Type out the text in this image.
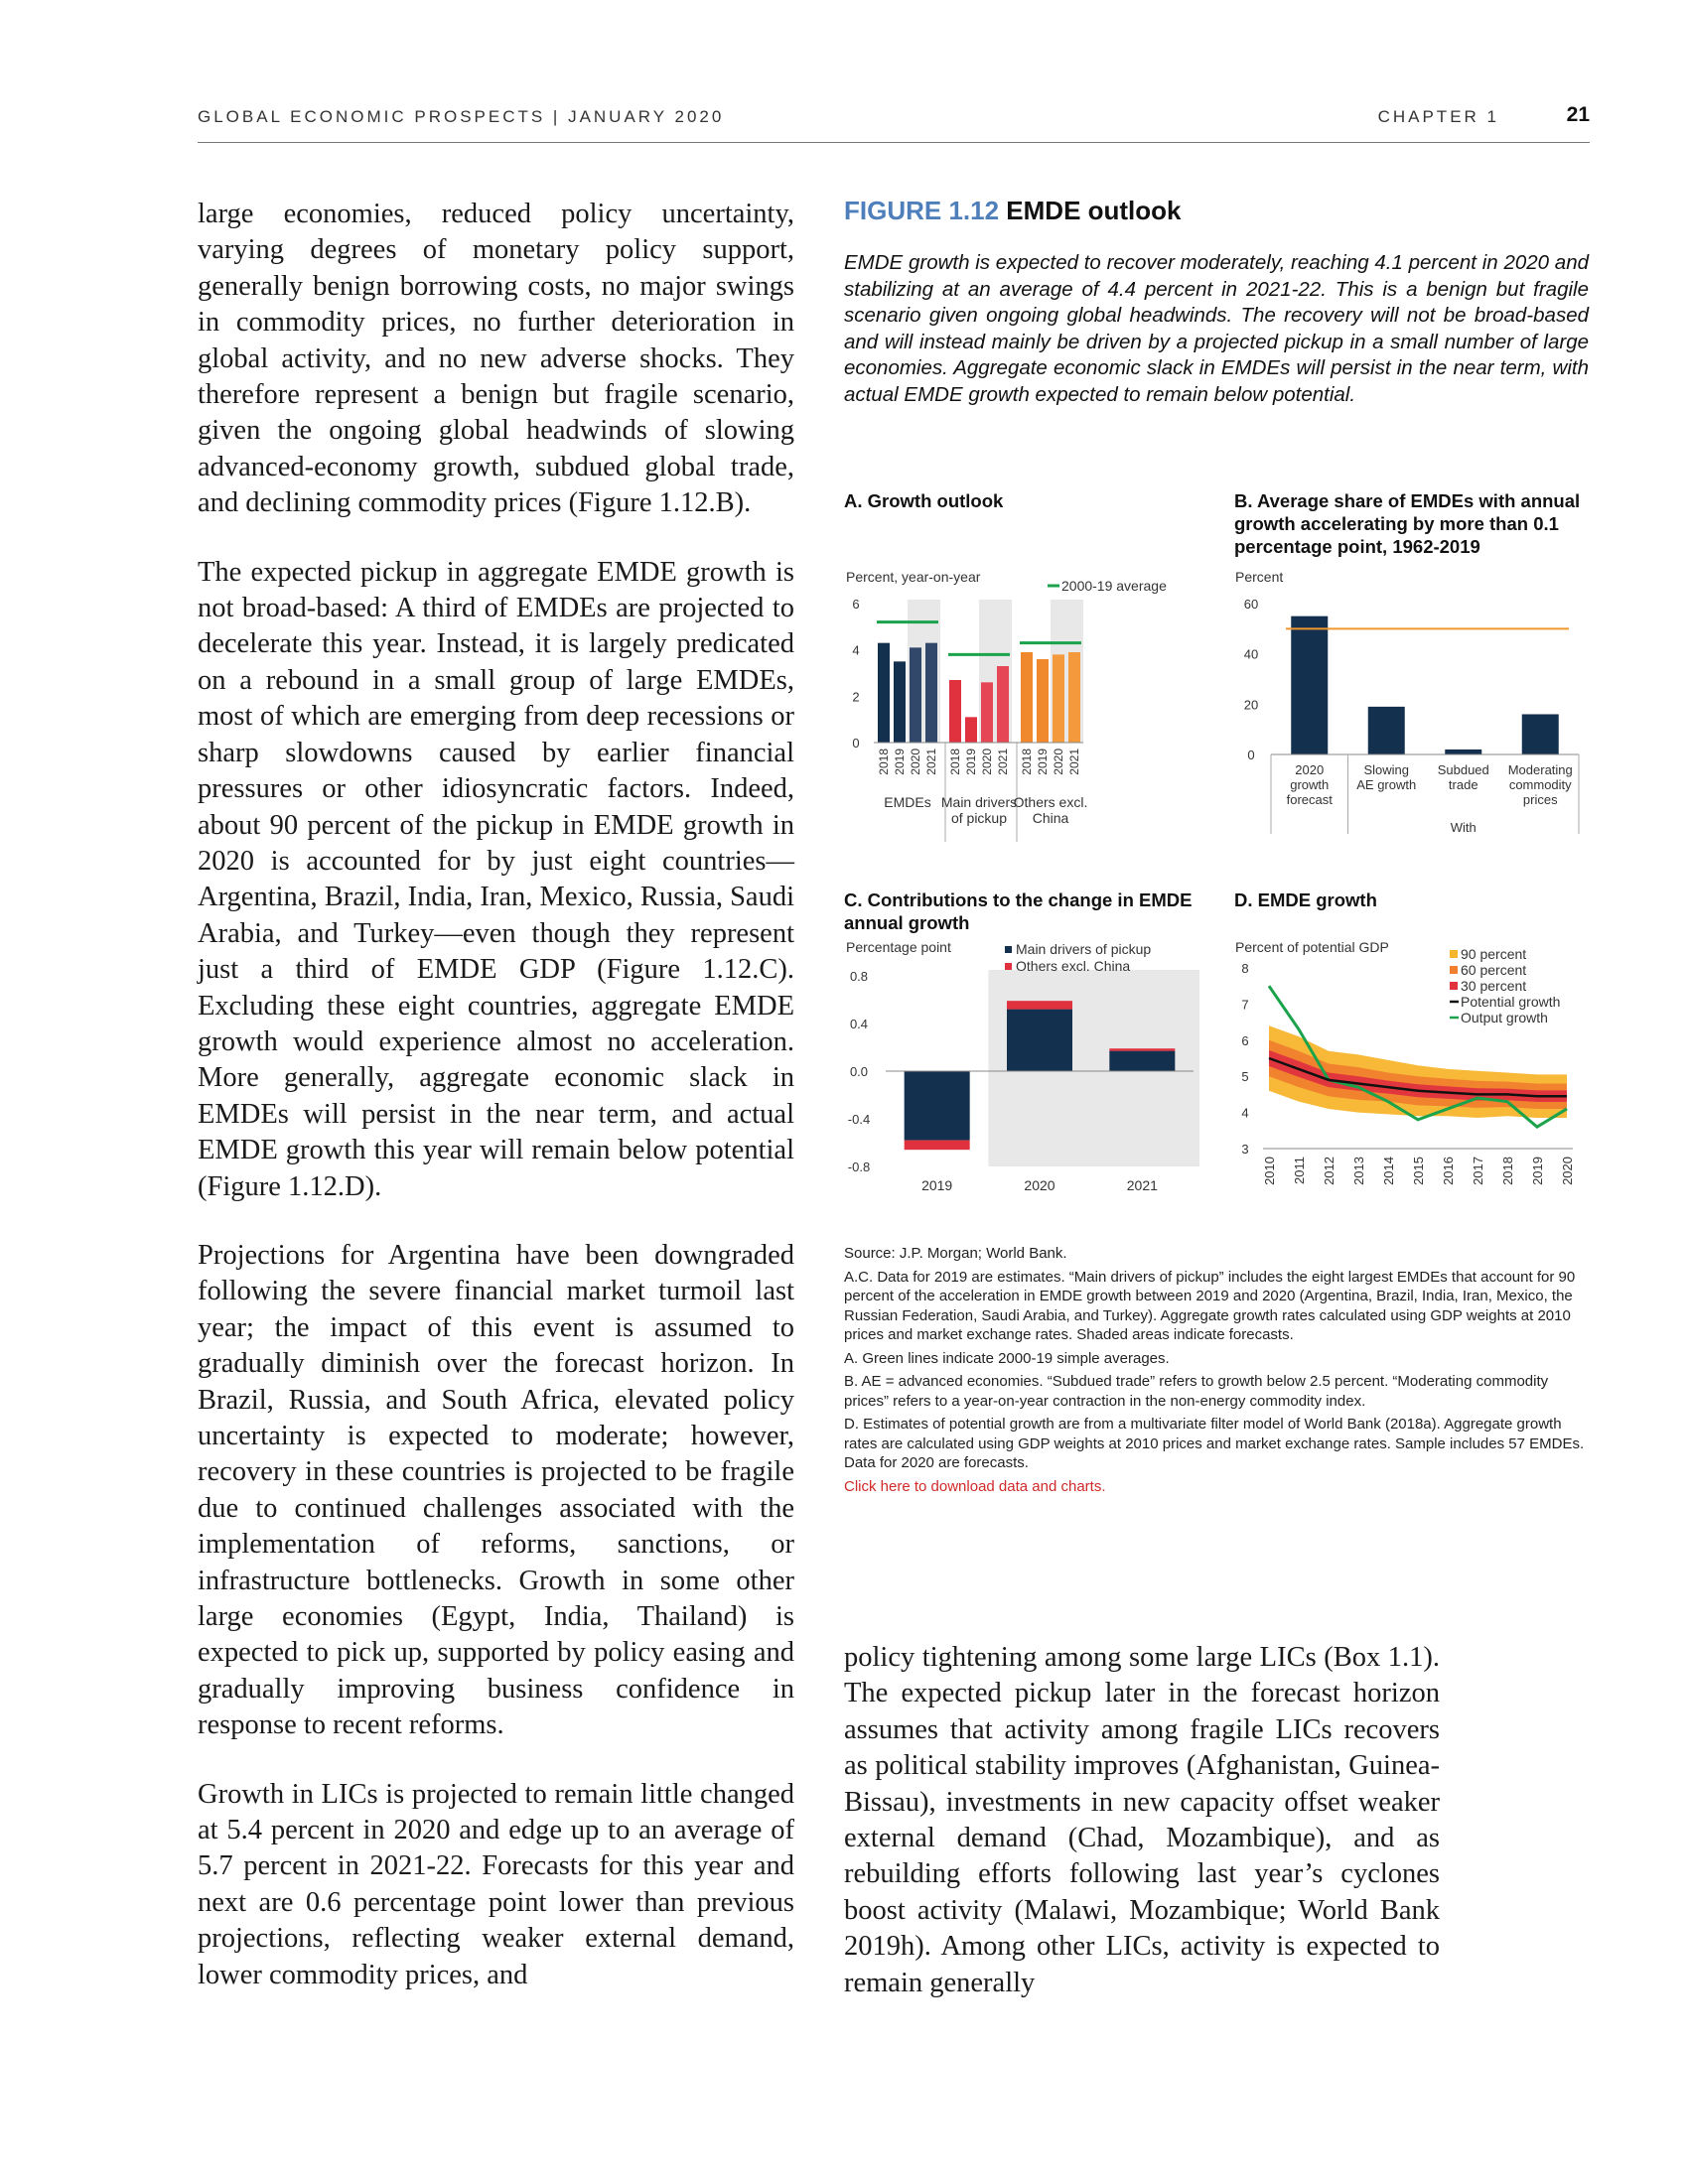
GLOBAL ECONOMIC PROSPECTS | JANUARY 2020	CHAPTER 1	21

large economies, reduced policy uncertainty, varying degrees of monetary policy support, generally benign borrowing costs, no major swings in commodity prices, no further deterioration in global activity, and no new adverse shocks. They therefore represent a benign but fragile scenario, given the ongoing global headwinds of slowing advanced-economy growth, subdued global trade, and declining commodity prices (Figure 1.12.B).

The expected pickup in aggregate EMDE growth is not broad-based: A third of EMDEs are projected to decelerate this year. Instead, it is largely predicated on a rebound in a small group of large EMDEs, most of which are emerging from deep recessions or sharp slowdowns caused by earlier financial pressures or other idiosyncratic factors. Indeed, about 90 percent of the pickup in EMDE growth in 2020 is accounted for by just eight countries—Argentina, Brazil, India, Iran, Mexico, Russia, Saudi Arabia, and Turkey—even though they represent just a third of EMDE GDP (Figure 1.12.C). Excluding these eight countries, aggregate EMDE growth would experience almost no acceleration. More generally, aggregate economic slack in EMDEs will persist in the near term, and actual EMDE growth this year will remain below potential (Figure 1.12.D).

Projections for Argentina have been downgraded following the severe financial market turmoil last year; the impact of this event is assumed to gradually diminish over the forecast horizon. In Brazil, Russia, and South Africa, elevated policy uncertainty is expected to moderate; however, recovery in these countries is projected to be fragile due to continued challenges associated with the implementation of reforms, sanctions, or infrastructure bottlenecks. Growth in some other large economies (Egypt, India, Thailand) is expected to pick up, supported by policy easing and gradually improving business confidence in response to recent reforms.

Growth in LICs is projected to remain little changed at 5.4 percent in 2020 and edge up to an average of 5.7 percent in 2021-22. Forecasts for this year and next are 0.6 percentage point lower than previous projections, reflecting weaker external demand, lower commodity prices, and

FIGURE 1.12 EMDE outlook
EMDE growth is expected to recover moderately, reaching 4.1 percent in 2020 and stabilizing at an average of 4.4 percent in 2021-22. This is a benign but fragile scenario given ongoing global headwinds. The recovery will not be broad-based and will instead mainly be driven by a projected pickup in a small number of large economies. Aggregate economic slack in EMDEs will persist in the near term, with actual EMDE growth expected to remain below potential.
A. Growth outlook	B. Average share of EMDEs with annual growth accelerating by more than 0.1 percentage point, 1962-2019
C. Contributions to the change in EMDE annual growth
D. EMDE growth
Percent, year-on-year
0
2
4
6
2018 2019 2020 2021
EMDEs
2018 2019 2020 2021
Main drivers
of pickup
2018 2019 2020 2021
Others excl.
China
2000-19 average
Percent
0
20
40
60
2020
growth
forecast
Slowing
AE growth
Subdued
trade
Moderating
commodity
prices
With
Percentage point
-0.8
-0.4
0.0
0.4
0.8
2019	2020	2021
Main drivers of pickup
Others excl. China
Percent of potential GDP
3
4
5
6
7
8
2010 2011 2012 2013 2014 2015 2016 2017 2018 2019 2020
90 percent
60 percent
30 percent
Potential growth
Output growth

Source: J.P. Morgan; World Bank.

A.C. Data for 2019 are estimates. “Main drivers of pickup” includes the eight largest EMDEs that account for 90 percent of the acceleration in EMDE growth between 2019 and 2020 (Argentina, Brazil, India, Iran, Mexico, the Russian Federation, Saudi Arabia, and Turkey). Aggregate growth rates calculated using GDP weights at 2010 prices and market exchange rates. Shaded areas indicate forecasts.

A. Green lines indicate 2000-19 simple averages.

B. AE = advanced economies. “Subdued trade” refers to growth below 2.5 percent. “Moderating commodity prices” refers to a year-on-year contraction in the non-energy commodity index.

D. Estimates of potential growth are from a multivariate filter model of World Bank (2018a). Aggregate growth rates are calculated using GDP weights at 2010 prices and market exchange rates. Sample includes 57 EMDEs. Data for 2020 are forecasts.

Click here to download data and charts.

policy tightening among some large LICs (Box 1.1). The expected pickup later in the forecast horizon assumes that activity among fragile LICs recovers as political stability improves (Afghanistan, Guinea-Bissau), investments in new capacity offset weaker external demand (Chad, Mozambique), and as rebuilding efforts following last year’s cyclones boost activity (Malawi, Mozambique; World Bank 2019h). Among other LICs, activity is expected to remain generally
